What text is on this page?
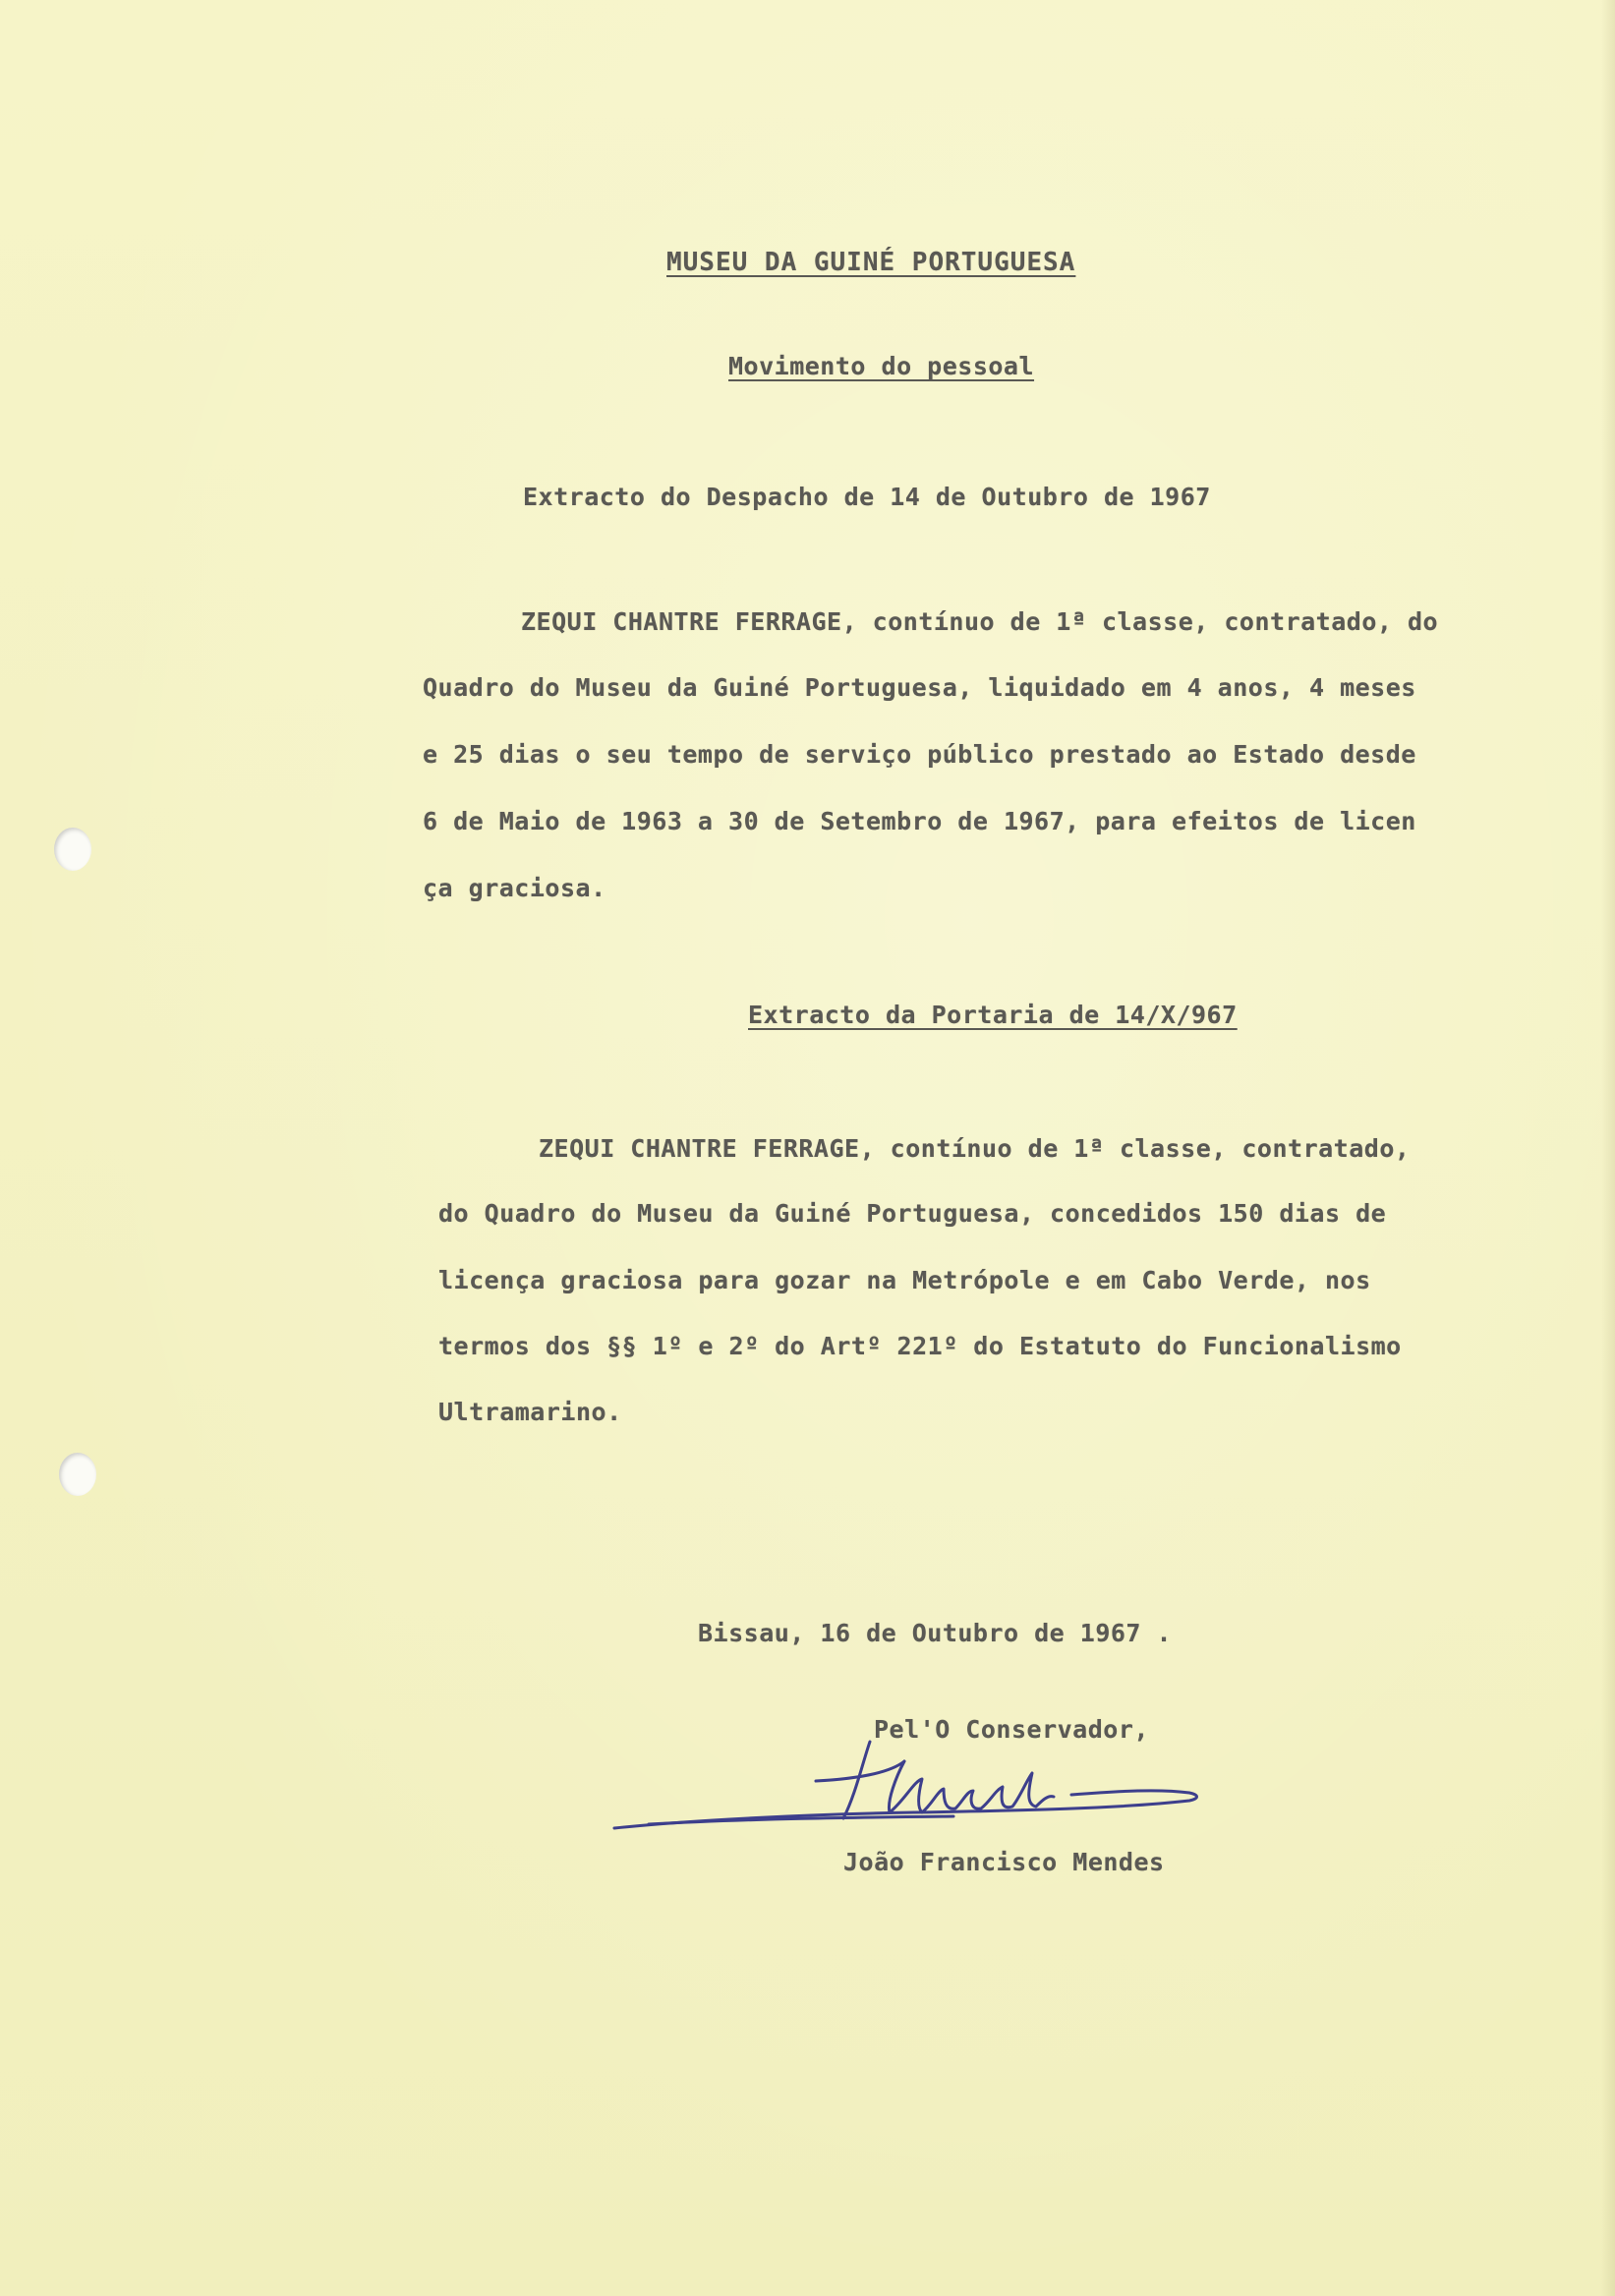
MUSEU DA GUINÉ PORTUGUESA
Movimento do pessoal
Extracto do Despacho de 14 de Outubro de 1967
ZEQUI CHANTRE FERRAGE, contínuo de 1ª classe, contratado, do
Quadro do Museu da Guiné Portuguesa, liquidado em 4 anos, 4 meses
e 25 dias o seu tempo de serviço público prestado ao Estado desde
6 de Maio de 1963 a 30 de Setembro de 1967, para efeitos de licen
ça graciosa.
Extracto da Portaria de 14/X/967
ZEQUI CHANTRE FERRAGE, contínuo de 1ª classe, contratado,
do Quadro do Museu da Guiné Portuguesa, concedidos 150 dias de
licença graciosa para gozar na Metrópole e em Cabo Verde, nos
termos dos §§ 1º e 2º do Artº 221º do Estatuto do Funcionalismo
Ultramarino.
Bissau, 16 de Outubro de 1967 .
Pel'O Conservador,
João Francisco Mendes
